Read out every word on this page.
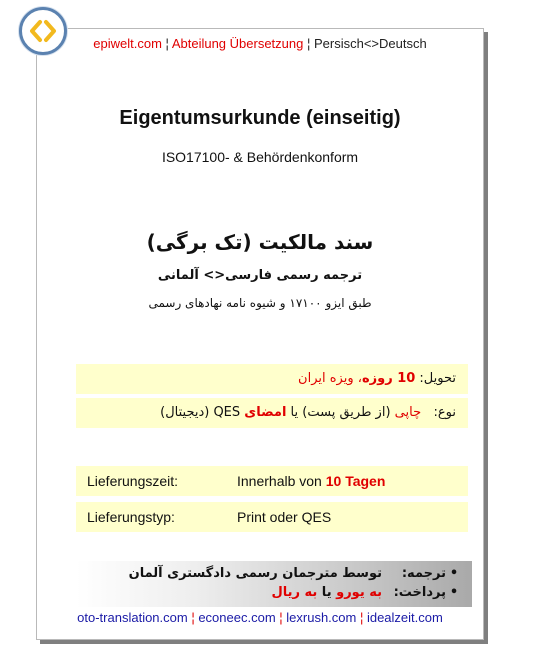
epiwelt.com ¦ Abteilung Übersetzung ¦ Persisch<>Deutsch
Eigentumsurkunde (einseitig)
ISO17100- & Behördenkonform
سند مالکیت (تک برگی)
ترجمه رسمی فارسی<> آلمانی
طبق ایزو ۱۷۱۰۰ و شیوه نامه نهادهای رسمی
تحویل: 10 روزه، ویزه ایران
نوع:   چاپی (از طریق پست) یا امضای QES (دیجیتال)
Lieferungszeit:	Innerhalb von 10 Tagen
Lieferungstyp:	Print oder QES
•ترجمه:توسط مترجمان رسمی دادگستری آلمان
•پرداخت:به یورو یا به ریال
oto-translation.com ¦ econeec.com ¦ lexrush.com ¦ idealzeit.com
